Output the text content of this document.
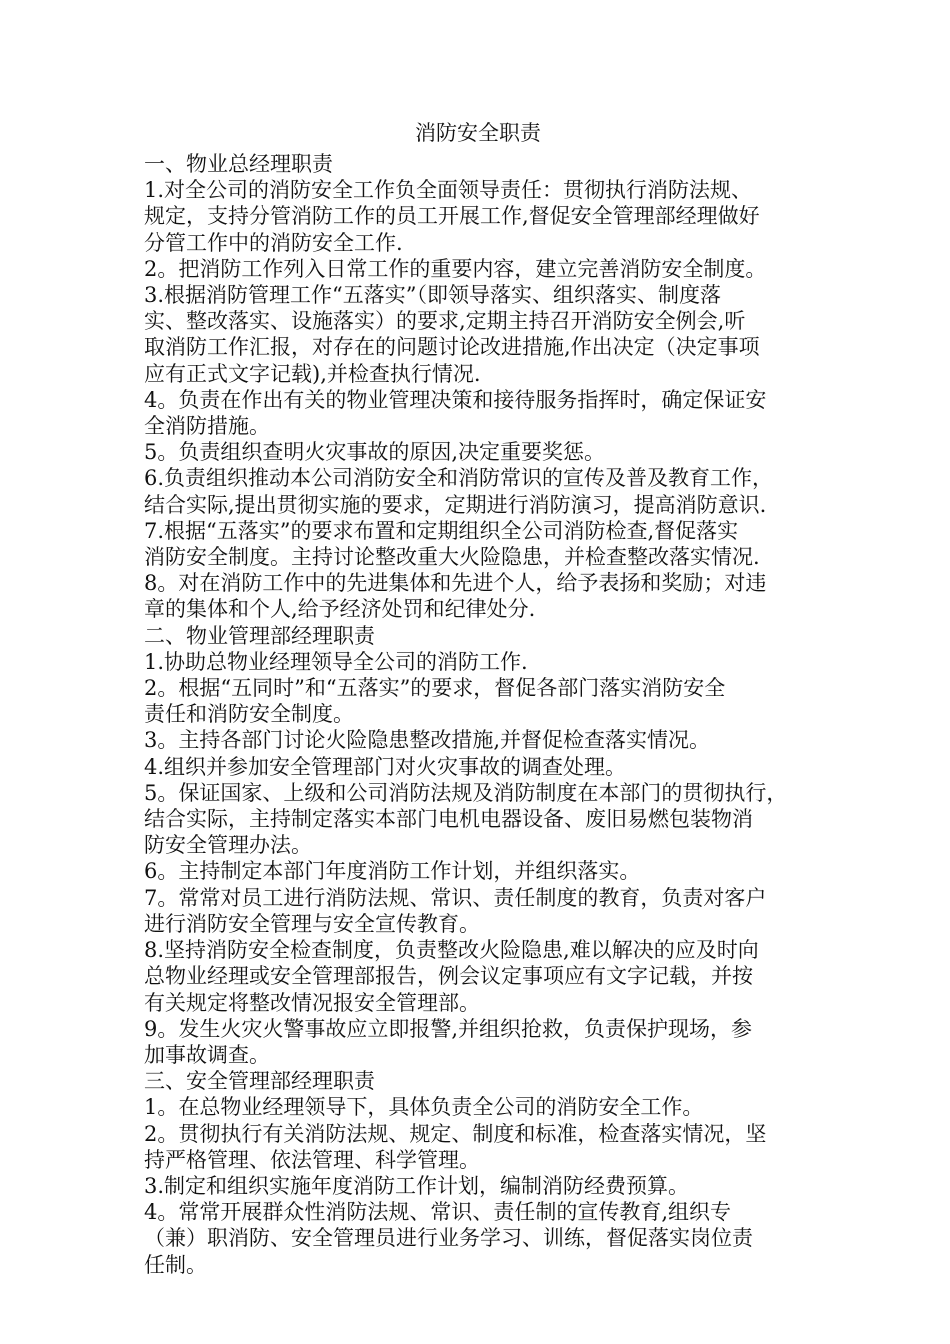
消防安全职责

一、物业总经理职责

1.对全公司的消防安全工作负全面领导责任：贯彻执行消防法规、

规定，支持分管消防工作的员工开展工作,督促安全管理部经理做好

分管工作中的消防安全工作.

2。把消防工作列入日常工作的重要内容，建立完善消防安全制度。

3.根据消防管理工作“五落实”（即领导落实、组织落实、制度落

实、整改落实、设施落实）的要求,定期主持召开消防安全例会,听

取消防工作汇报，对存在的问题讨论改进措施,作出决定（决定事项

应有正式文字记载),并检查执行情况.

4。负责在作出有关的物业管理决策和接待服务指挥时，确定保证安

全消防措施。

5。负责组织查明火灾事故的原因,决定重要奖惩。

6.负责组织推动本公司消防安全和消防常识的宣传及普及教育工作，

结合实际,提出贯彻实施的要求，定期进行消防演习，提高消防意识.

7.根据“五落实”的要求布置和定期组织全公司消防检查,督促落实

消防安全制度。主持讨论整改重大火险隐患，并检查整改落实情况.

8。对在消防工作中的先进集体和先进个人，给予表扬和奖励；对违

章的集体和个人,给予经济处罚和纪律处分.

二、物业管理部经理职责

1.协助总物业经理领导全公司的消防工作.

2。根据“五同时”和“五落实”的要求，督促各部门落实消防安全

责任和消防安全制度。

3。主持各部门讨论火险隐患整改措施,并督促检查落实情况。

4.组织并参加安全管理部门对火灾事故的调查处理。

5。保证国家、上级和公司消防法规及消防制度在本部门的贯彻执行，

结合实际，主持制定落实本部门电机电器设备、废旧易燃包装物消

防安全管理办法。

6。主持制定本部门年度消防工作计划，并组织落实。

7。常常对员工进行消防法规、常识、责任制度的教育，负责对客户

进行消防安全管理与安全宣传教育。

8.坚持消防安全检查制度，负责整改火险隐患,难以解决的应及时向

总物业经理或安全管理部报告，例会议定事项应有文字记载，并按

有关规定将整改情况报安全管理部。

9。发生火灾火警事故应立即报警,并组织抢救，负责保护现场，参

加事故调查。

三、安全管理部经理职责

1。在总物业经理领导下，具体负责全公司的消防安全工作。

2。贯彻执行有关消防法规、规定、制度和标准，检查落实情况，坚

持严格管理、依法管理、科学管理。

3.制定和组织实施年度消防工作计划，编制消防经费预算。

4。常常开展群众性消防法规、常识、责任制的宣传教育,组织专

（兼）职消防、安全管理员进行业务学习、训练，督促落实岗位责

任制。
